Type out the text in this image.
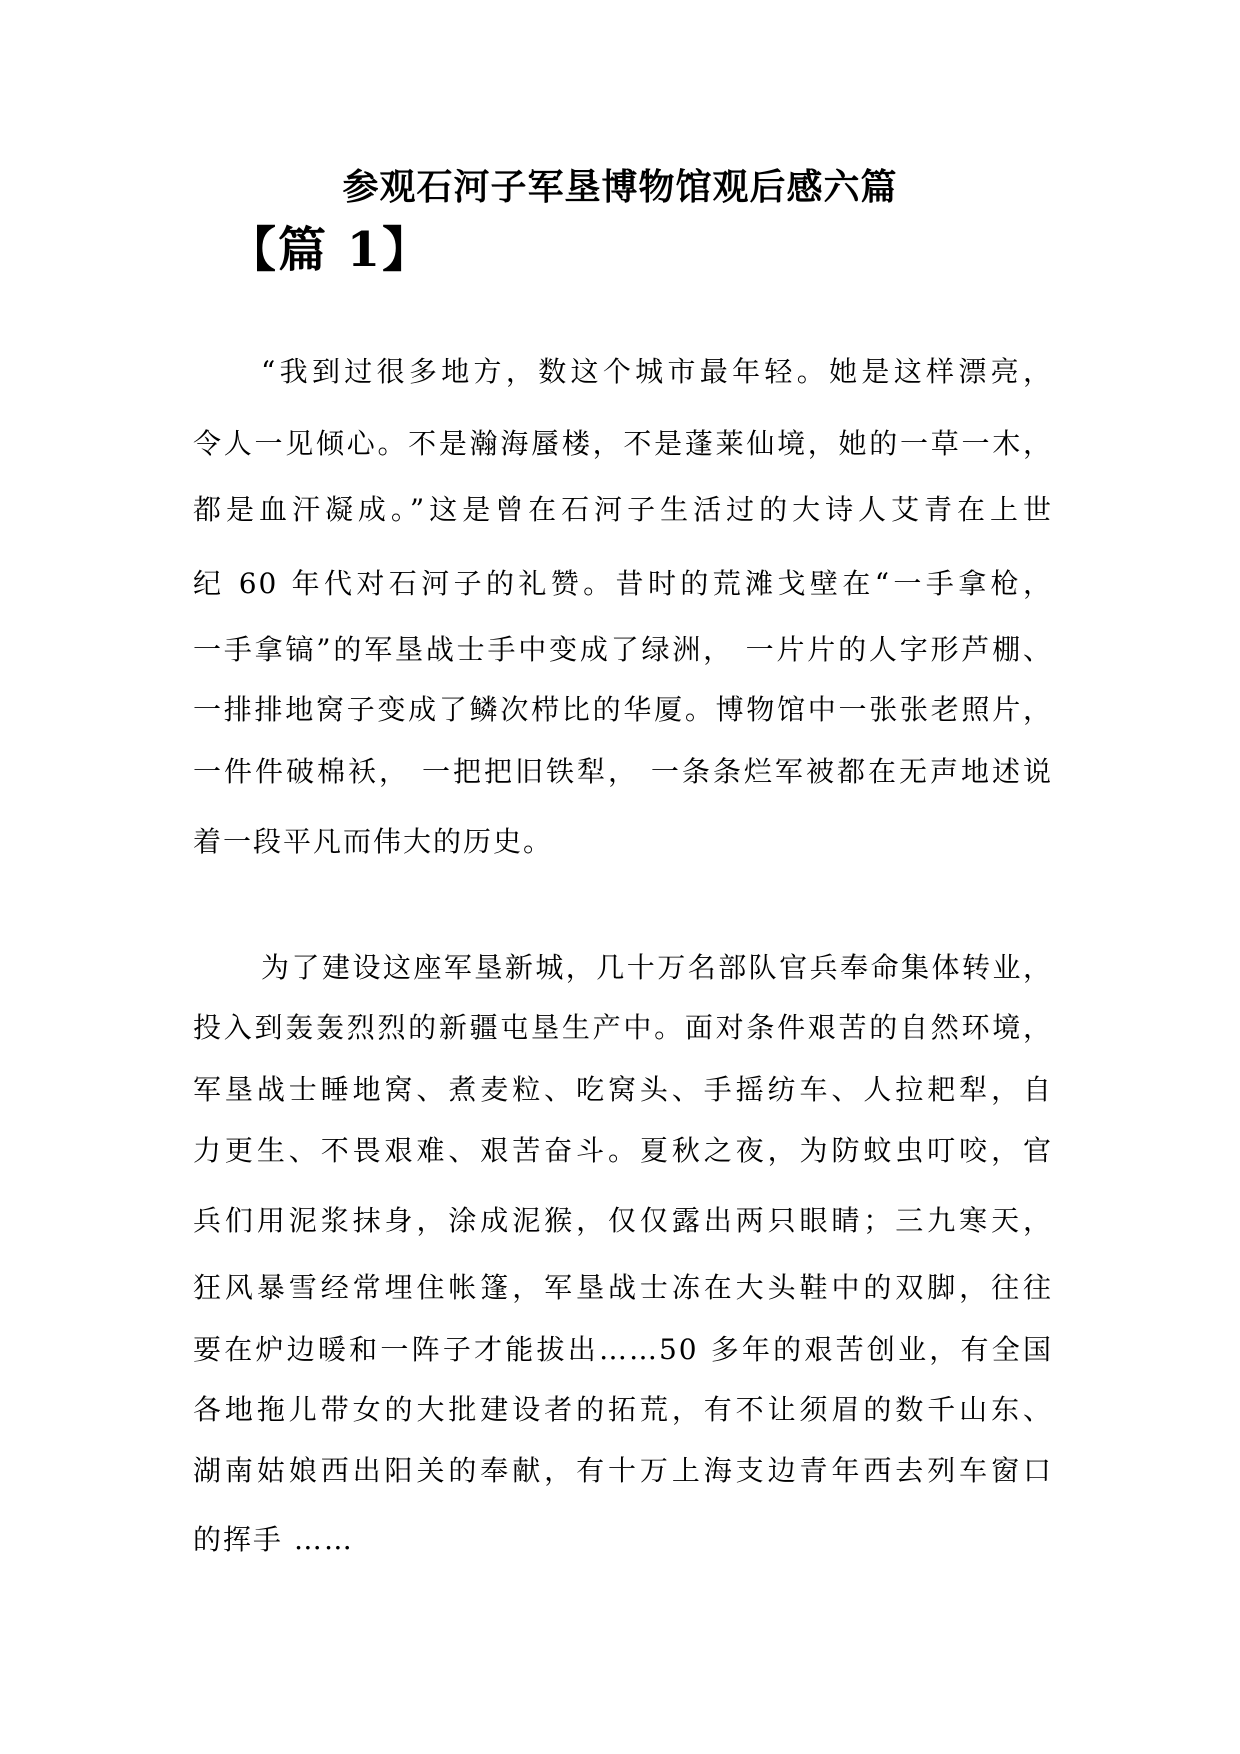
参观石河子军垦博物馆观后感六篇
【篇 1】
“我到过很多地方，数这个城市最年轻。她是这样漂亮，
令人一见倾心。不是瀚海蜃楼，不是蓬莱仙境，她的一草一木，
都是血汗凝成。”这是曾在石河子生活过的大诗人艾青在上世
纪 60 年代对石河子的礼赞。昔时的荒滩戈壁在“一手拿枪，
一手拿镐”的军垦战士手中变成了绿洲， 一片片的人字形芦棚、
一排排地窝子变成了鳞次栉比的华厦。博物馆中一张张老照片，
一件件破棉袄， 一把把旧铁犁， 一条条烂军被都在无声地述说
着一段平凡而伟大的历史。
为了建设这座军垦新城，几十万名部队官兵奉命集体转业，
投入到轰轰烈烈的新疆屯垦生产中。面对条件艰苦的自然环境，
军垦战士睡地窝、煮麦粒、吃窝头、手摇纺车、人拉耙犁，自
力更生、不畏艰难、艰苦奋斗。夏秋之夜，为防蚊虫叮咬，官
兵们用泥浆抹身，涂成泥猴，仅仅露出两只眼睛；三九寒天，
狂风暴雪经常埋住帐篷，军垦战士冻在大头鞋中的双脚，往往
要在炉边暖和一阵子才能拔出……50 多年的艰苦创业，有全国
各地拖儿带女的大批建设者的拓荒，有不让须眉的数千山东、
湖南姑娘西出阳关的奉献，有十万上海支边青年西去列车窗口
的挥手 ……
